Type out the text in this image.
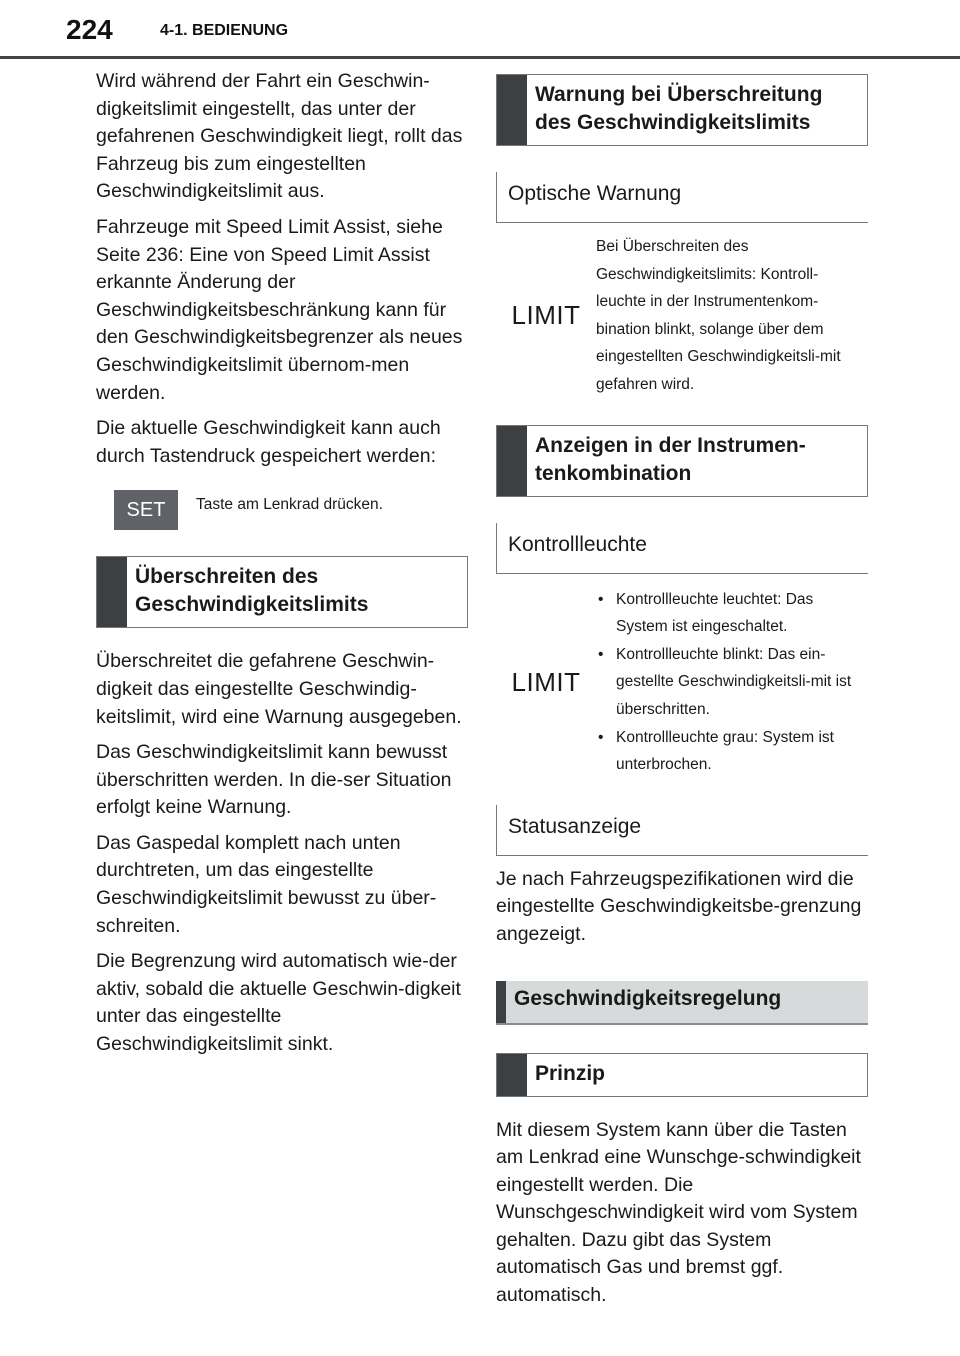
224	4-1. BEDIENUNG

Wird während der Fahrt ein Geschwin-digkeitslimit eingestellt, das unter der gefahrenen Geschwindigkeit liegt, rollt das Fahrzeug bis zum eingestellten Geschwindigkeitslimit aus.

Fahrzeuge mit Speed Limit Assist, siehe Seite 236: Eine von Speed Limit Assist erkannte Änderung der Geschwindigkeitsbeschränkung kann für den Geschwindigkeitsbegrenzer als neues Geschwindigkeitslimit übernom-men werden.

Die aktuelle Geschwindigkeit kann auch durch Tastendruck gespeichert werden:

SET	Taste am Lenkrad drücken.
Überschreiten des Geschwindigkeitslimits

Überschreitet die gefahrene Geschwin-digkeit das eingestellte Geschwindig-keitslimit, wird eine Warnung ausgegeben.

Das Geschwindigkeitslimit kann bewusst überschritten werden. In die-ser Situation erfolgt keine Warnung.

Das Gaspedal komplett nach unten durchtreten, um das eingestellte Geschwindigkeitslimit bewusst zu über-schreiten.

Die Begrenzung wird automatisch wie-der aktiv, sobald die aktuelle Geschwin-digkeit unter das eingestellte Geschwindigkeitslimit sinkt.

Warnung bei Überschreitung des Geschwindigkeitslimits
Optische Warnung
LIMIT
Bei Überschreiten des Geschwindigkeitslimits: Kontroll-leuchte in der Instrumentenkom-bination blinkt, solange über dem eingestellten Geschwindigkeitsli-mit gefahren wird.
Anzeigen in der Instrumen-tenkombination
Kontrollleuchte
LIMIT
• Kontrollleuchte leuchtet: Das System ist eingeschaltet.
• Kontrollleuchte blinkt: Das ein-gestellte Geschwindigkeitsli-mit ist überschritten.
• Kontrollleuchte grau: System ist unterbrochen.
Statusanzeige

Je nach Fahrzeugspezifikationen wird die eingestellte Geschwindigkeitsbe-grenzung angezeigt.

Geschwindigkeitsregelung
Prinzip

Mit diesem System kann über die Tasten am Lenkrad eine Wunschge-schwindigkeit eingestellt werden. Die Wunschgeschwindigkeit wird vom System gehalten. Dazu gibt das System automatisch Gas und bremst ggf. automatisch.
